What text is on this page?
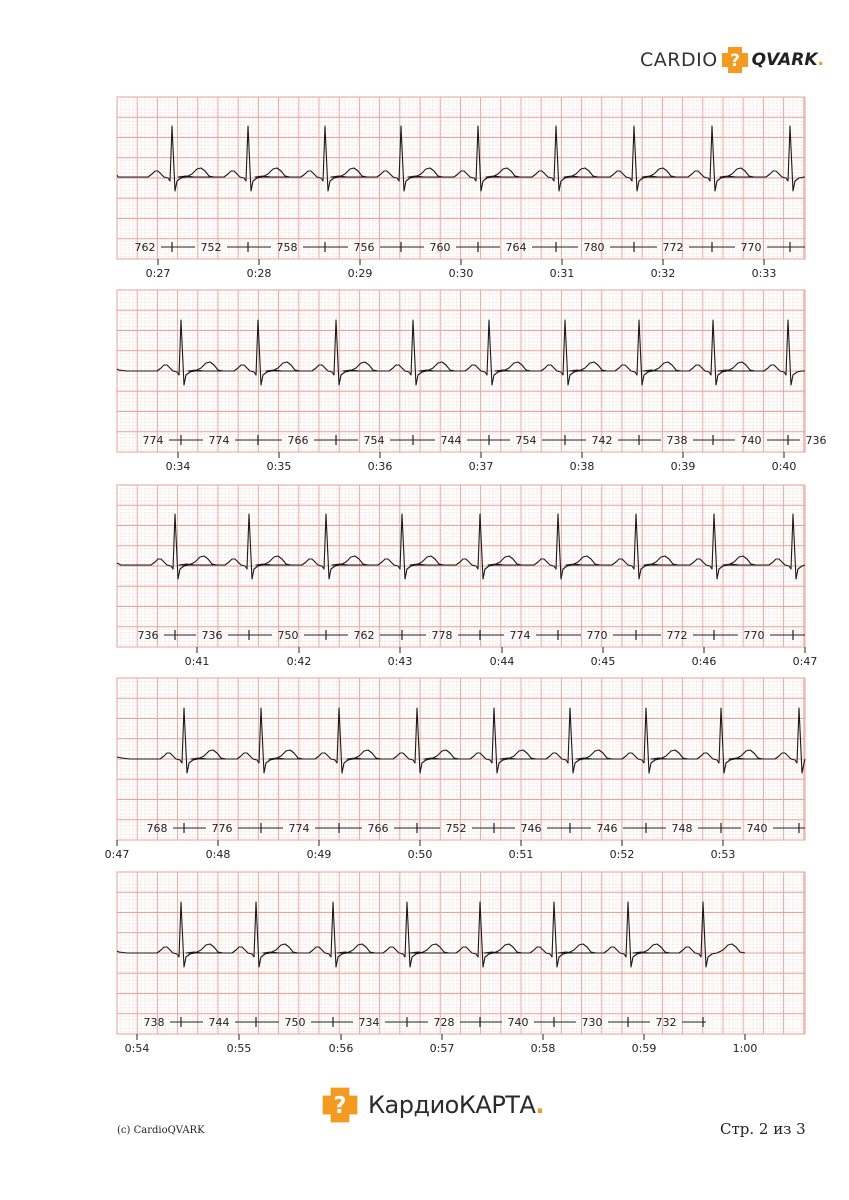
CARDIO ? QVARK .
762	752	758	756	760	764	780	772	770
0:27	0:28	0:29	0:30	0:31	0:32	0:33
774	774	766	754	744	754	742	738	740	736
0:34	0:35	0:36	0:37	0:38	0:39	0:40
736	736	750	762	778	774	770	772	770
0:41	0:42	0:43	0:44	0:45	0:46	0:47
768	776	774	766	752	746	746	748	740
0:47	0:48	0:49	0:50	0:51	0:52	0:53
738	744	750	734	728	740	730	732
0:54	0:55	0:56	0:57	0:58	0:59	1:00
? КардиоКАРТА .
(c) CardioQVARK	Стр. 2 из 3
